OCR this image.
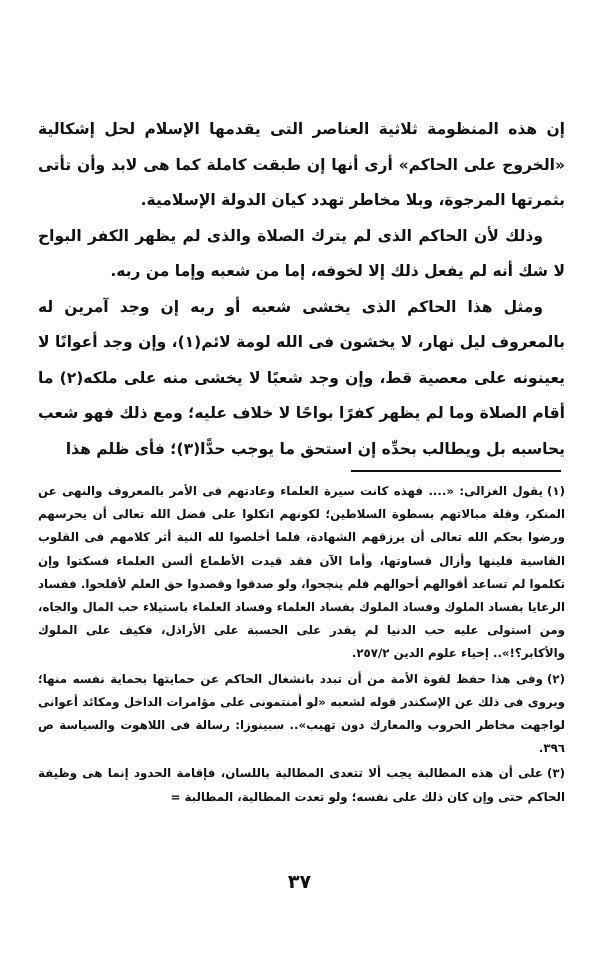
إن هذه المنظومة ثلاثية العناصر التى يقدمها الإسلام لحل إشكالية «الخروج على الحاكم» أرى أنها إن طبقت كاملة كما هى لابد وأن تأتى بثمرتها المرجوة، وبلا مخاطر تهدد كيان الدولة الإسلامية.

وذلك لأن الحاكم الذى لم يترك الصلاة والذى لم يظهر الكفر البواح لا شك أنه لم يفعل ذلك إلا لخوفه، إما من شعبه وإما من ربه.

ومثل هذا الحاكم الذى يخشى شعبه أو ربه إن وجد آمرين له بالمعروف ليل نهار، لا يخشون فى الله لومة لائم(١)، وإن وجد أعوانًا لا يعينونه على معصية قط، وإن وجد شعبًا لا يخشى منه على ملكه(٢) ما أقام الصلاة وما لم يظهر كفرًا بواحًا لا خلاف عليه؛ ومع ذلك فهو شعب يحاسبه بل ويطالب بحدِّه إن استحق ما يوجب حدًّا(٣)؛ فأى ظلم هذا

(١)يقول الغزالى: «.... فهذه كانت سيرة العلماء وعادتهم فى الأمر بالمعروف والنهى عن المنكر، وقلة مبالاتهم بسطوة السلاطين؛ لكونهم اتكلوا على فضل الله تعالى أن يحرسهم ورضوا بحكم الله تعالى أن يرزقهم الشهادة، فلما أخلصوا لله النية أثر كلامهم فى القلوب القاسية فلينها وأزال قساوتها، وأما الآن فقد قيدت الأطماع ألسن العلماء فسكتوا وإن تكلموا لم تساعد أقوالهم أحوالهم فلم ينجحوا، ولو صدقوا وقصدوا حق العلم لأفلحوا. ففساد الرعايا بفساد الملوك وفساد الملوك بفساد العلماء وفساد العلماء باستيلاء حب المال والجاه، ومن استولى عليه حب الدنيا لم يقدر على الحسبة على الأراذل، فكيف على الملوك والأكابر؟!».. إحياء علوم الدين ٢٥٧/٢.

(٢)وفى هذا حفظ لقوة الأمة من أن تبدد بانشغال الحاكم عن حمايتها بحماية نفسه منها؛ ويروى فى ذلك عن الإسكندر قوله لشعبه «لو أمنتمونى على مؤامرات الداخل ومكائد أعوانى لواجهت مخاطر الحروب والمعارك دون تهيب».. سبينوزا: رسالة فى اللاهوت والسياسة ص ٣٩٦.

(٣)على أن هذه المطالبة يجب ألا تتعدى المطالبة باللسان، فإقامة الحدود إنما هى وظيفة الحاكم حتى وإن كان ذلك على نفسه؛ ولو تعدت المطالبة، المطالبة =

٣٧
